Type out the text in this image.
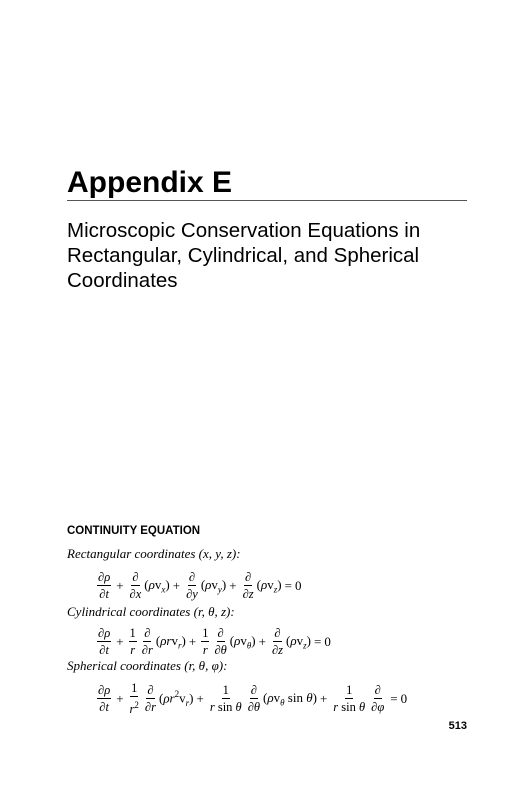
Appendix E
Microscopic Conservation Equations in Rectangular, Cylindrical, and Spherical Coordinates
CONTINUITY EQUATION
Rectangular coordinates (x, y, z):
$\frac{\partial\rho}{\partial t} + \frac{\partial}{\partial x} (\rho v_x) + \frac{\partial}{\partial y} (\rho v_y) + \frac{\partial}{\partial z} (\rho v_z) = 0$
Cylindrical coordinates (r, θ, z):
$\frac{\partial\rho}{\partial t} + \frac{1}{r} \frac{\partial}{\partial r} (\rho rv_r) + \frac{1}{r} \frac{\partial}{\partial\theta} (\rho v_\theta) + \frac{\partial}{\partial z} (\rho v_z) = 0$
Spherical coordinates (r, θ, φ):
$\frac{\partial\rho}{\partial t} + \frac{1}{r^2} \frac{\partial}{\partial r} (\rho r^2v_r) + \frac{1}{\text{r sin θ}} \frac{\partial}{\partial\theta} (\rho v_\theta$ $\sin \theta) + \frac{1}{\text{r sin θ}} \frac{\partial}{\partial\varphi} = 0$
513
